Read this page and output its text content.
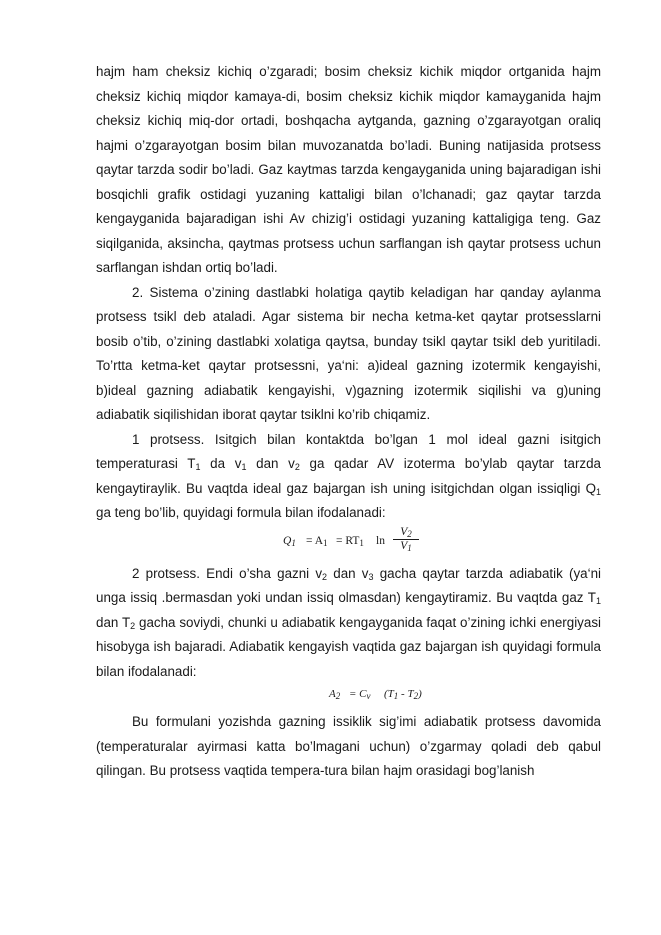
hajm ham cheksiz kichiq o’zgaradi; bosim cheksiz kichik miqdor ortganida hajm cheksiz kichiq miqdor kamaya-di, bosim cheksiz kichik miqdor kamayganida hajm cheksiz kichiq miq-dor ortadi, boshqacha aytganda, gazning o’zgarayotgan oraliq hajmi o’zgarayotgan bosim bilan muvozanatda bo’ladi. Buning natijasida protsess qaytar tarzda sodir bo’ladi. Gaz kaytmas tarzda kengayganida uning bajaradigan ishi bosqichli grafik ostidagi yuzaning kattaligi bilan o’lchanadi; gaz qaytar tarzda kengayganida bajaradigan ishi Av chizig’i ostidagi yuzaning kattaligiga teng. Gaz siqilganida, aksincha, qaytmas protsess uchun sarflangan ish qaytar protsess uchun sarflangan ishdan ortiq bo’ladi.

2. Sistema o’zining dastlabki holatiga qaytib keladigan har qanday aylanma protsess tsikl deb ataladi. Agar sistema bir necha ketma-ket qaytar protsesslarni bosib o’tib, o’zining dastlabki xolatiga qaytsa, bunday tsikl qaytar tsikl deb yuritiladi. To’rtta ketma-ket qaytar protsessni, ya‘ni: a)ideal gazning izotermik kengayishi, b)ideal gazning adiabatik kengayishi, v)gazning izotermik siqilishi va g)uning adiabatik siqilishidan iborat qaytar tsiklni ko’rib chiqamiz.

1 protsess. Isitgich bilan kontaktda bo’lgan 1 mol ideal gazni isitgich temperaturasi $T_1$ da $v_1$ dan $v_2$ ga qadar AV izoterma bo’ylab qaytar tarzda kengaytiraylik. Bu vaqtda ideal gaz bajargan ish uning isitgichdan olgan issiqligi $Q_1$ ga teng bo’lib, quyidagi formula bilan ifodalanadi:

$Q_1 = A_1 = RT_1$ $\ln \frac{V_2}{V_1}$

2 protsess. Endi o’sha gazni $v_2$ dan $v_3$ gacha qaytar tarzda adiabatik (ya‘ni unga issiq .bermasdan yoki undan issiq olmasdan) kengaytiramiz. Bu vaqtda gaz $T_1$ dan $T_2$ gacha soviydi, chunki u adiabatik kengayganida faqat o’zining ichki energiyasi hisobyga ish bajaradi. Adiabatik kengayish vaqtida gaz bajargan ish quyidagi formula bilan ifodalanadi:

$A_2 = C_v$ $(T_1 - T_2)$

Bu formulani yozishda gazning issiklik sig’imi adiabatik protsess davomida (temperaturalar ayirmasi katta bo’lmagani uchun) o’zgarmay qoladi deb qabul qilingan. Bu protsess vaqtida tempera-tura bilan hajm orasidagi bog’lanish
